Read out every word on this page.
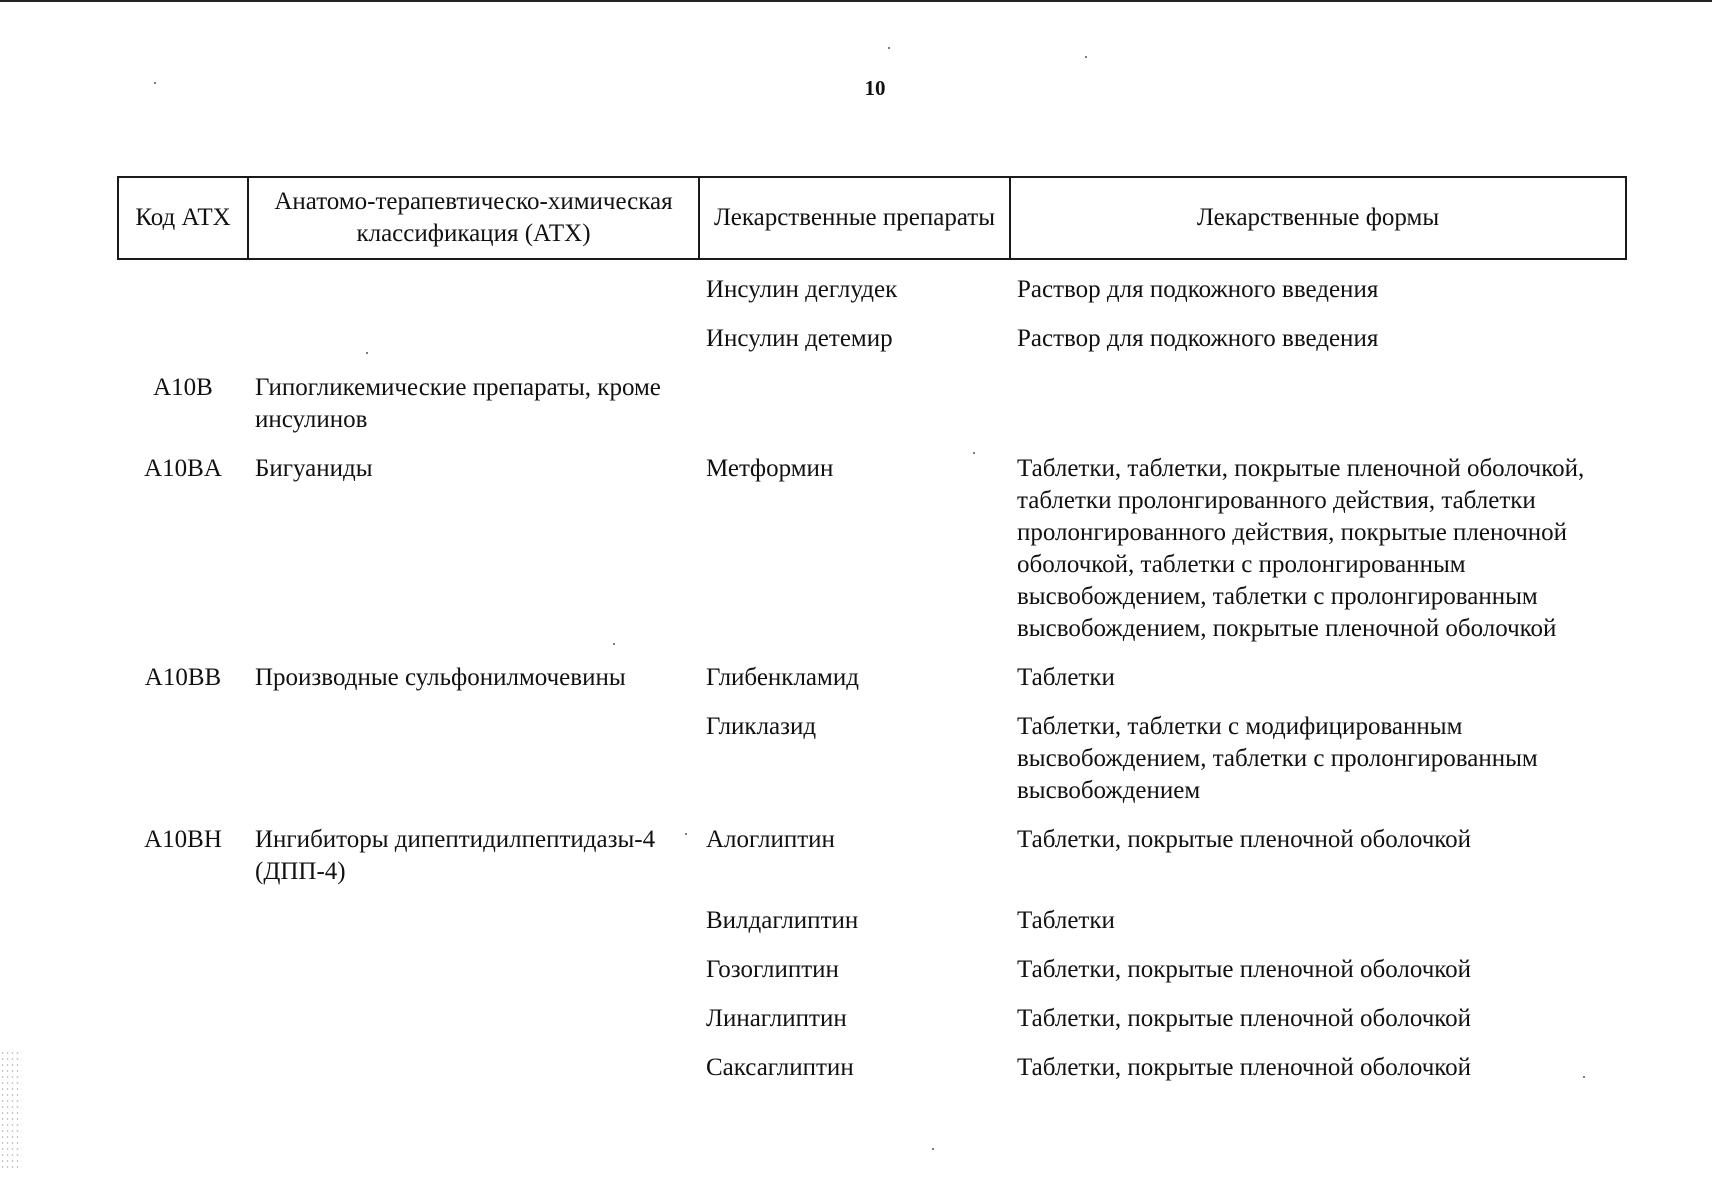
10
Код АТХ	Анатомо-терапевтическо-химическая классификация (АТХ)	Лекарственные препараты	Лекарственные формы
		Инсулин деглудек	Раствор для подкожного введения
		Инсулин детемир	Раствор для подкожного введения
A10B	Гипогликемические препараты, кроме инсулинов		
A10BA	Бигуаниды	Метформин	Таблетки, таблетки, покрытые пленочной оболочкой, таблетки пролонгированного действия, таблетки пролонгированного действия, покрытые пленочной оболочкой, таблетки с пролонгированным высвобождением, таблетки с пролонгированным высвобождением, покрытые пленочной оболочкой
A10BB	Производные сульфонилмочевины	Глибенкламид	Таблетки
		Гликлазид	Таблетки, таблетки с модифицированным высвобождением, таблетки с пролонгированным высвобождением
A10BH	Ингибиторы дипептидилпептидазы-4 (ДПП-4)	Алоглиптин	Таблетки, покрытые пленочной оболочкой
		Вилдаглиптин	Таблетки
		Гозоглиптин	Таблетки, покрытые пленочной оболочкой
		Линаглиптин	Таблетки, покрытые пленочной оболочкой
		Саксаглиптин	Таблетки, покрытые пленочной оболочкой
